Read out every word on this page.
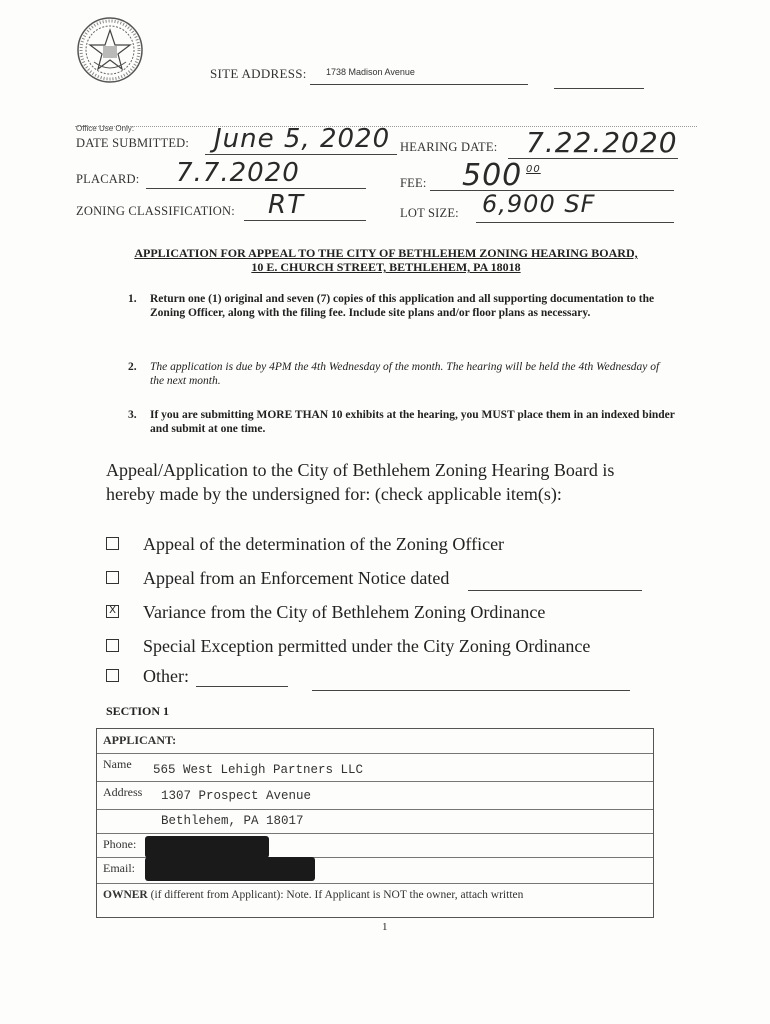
SITE ADDRESS: 1738 Madison Avenue
Office Use Only:
DATE SUBMITTED: June 5, 2020 HEARING DATE: 7.22.2020
PLACARD: 7.7.2020	FEE: 500 00
ZONING CLASSIFICATION: RT	LOT SIZE: 6,900 SF
APPLICATION FOR APPEAL TO THE CITY OF BETHLEHEM ZONING HEARING BOARD,
10 E. CHURCH STREET, BETHLEHEM, PA 18018
1. Return one (1) original and seven (7) copies of this application and all supporting documentation to the Zoning Officer, along with the filing fee. Include site plans and/or floor plans as necessary.
2. The application is due by 4PM the 4th Wednesday of the month. The hearing will be held the 4th Wednesday of the next month.
3. If you are submitting MORE THAN 10 exhibits at the hearing, you MUST place them in an indexed binder and submit at one time.
Appeal/Application to the City of Bethlehem Zoning Hearing Board is hereby made by the undersigned for: (check applicable item(s):
Appeal of the determination of the Zoning Officer
Appeal from an Enforcement Notice dated
X Variance from the City of Bethlehem Zoning Ordinance
Special Exception permitted under the City Zoning Ordinance
Other:
SECTION 1
APPLICANT:
Name 565 West Lehigh Partners LLC
Address 1307 Prospect Avenue
Bethlehem, PA 18017
Phone:
Email:
OWNER (if different from Applicant): Note. If Applicant is NOT the owner, attach written
1
